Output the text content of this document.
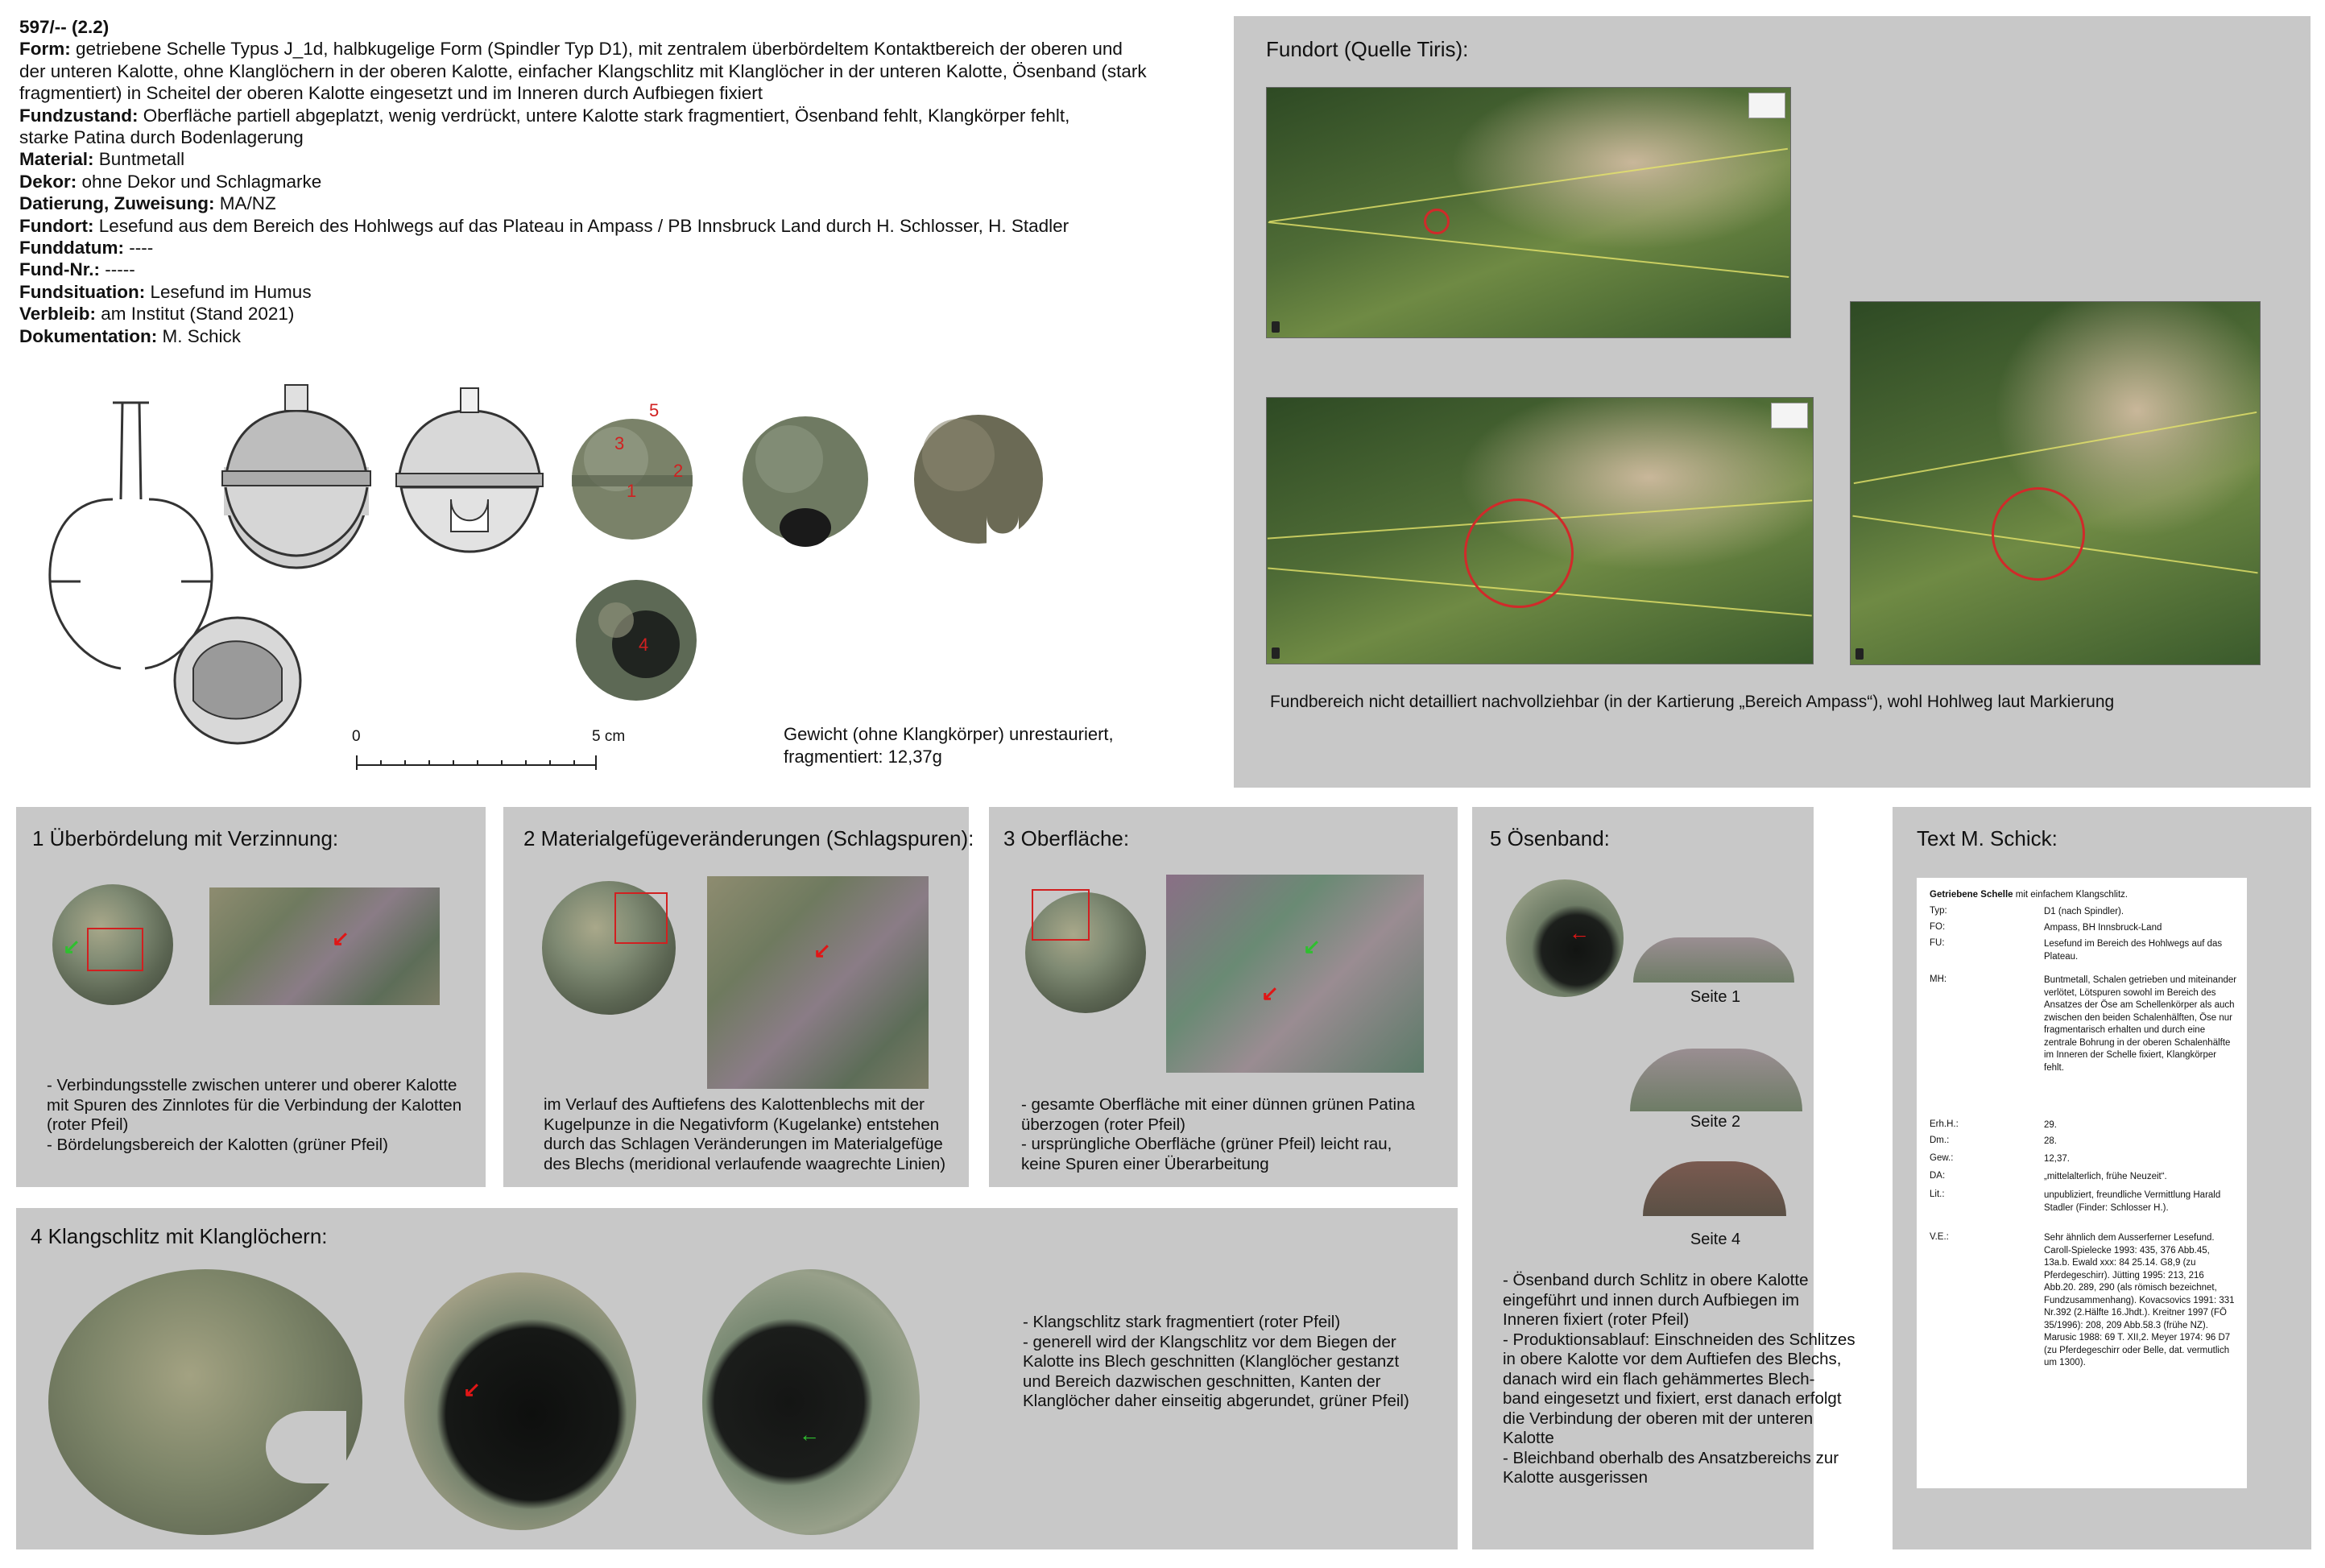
597/-- (2.2)
Form: getriebene Schelle Typus J_1d, halbkugelige Form (Spindler Typ D1), mit zentralem überbördeltem Kontaktbereich der oberen und
der unteren Kalotte, ohne Klanglöchern in der oberen Kalotte, einfacher Klangschlitz mit Klanglöcher in der unteren Kalotte, Ösenband (stark
fragmentiert) in Scheitel der oberen Kalotte eingesetzt und im Inneren durch Aufbiegen fixiert
Fundzustand: Oberfläche partiell abgeplatzt, wenig verdrückt, untere Kalotte stark fragmentiert, Ösenband fehlt, Klangkörper fehlt,
starke Patina durch Bodenlagerung
Material: Buntmetall
Dekor: ohne Dekor und Schlagmarke
Datierung, Zuweisung: MA/NZ
Fundort: Lesefund aus dem Bereich des Hohlwegs auf das Plateau in Ampass / PB Innsbruck Land durch H. Schlosser, H. Stadler
Funddatum: ----
Fund-Nr.: -----
Fundsituation: Lesefund im Humus
Verbleib: am Institut (Stand 2021)
Dokumentation: M. Schick
5
3
1
2
4
0	5 cm	Gewicht (ohne Klangkörper) unrestauriert,
fragmentiert: 12,37g
Fundort (Quelle Tiris):
Fundbereich nicht detailliert nachvollziehbar (in der Kartierung „Bereich Ampass“), wohl Hohlweg laut Markierung
1 Überbördelung mit Verzinnung:
↙
↙
- Verbindungsstelle zwischen unterer und oberer Kalotte
mit Spuren des Zinnlotes für die Verbindung der Kalotten
(roter Pfeil)
- Bördelungsbereich der Kalotten (grüner Pfeil)
2 Materialgefügeveränderungen (Schlagspuren):
↙
im Verlauf des Auftiefens des Kalottenblechs mit der
Kugelpunze in die Negativform (Kugelanke) entstehen
durch das Schlagen Veränderungen im Materialgefüge
des Blechs (meridional verlaufende waagrechte Linien)
3 Oberfläche:
↙
↙
- gesamte Oberfläche mit einer dünnen grünen Patina
überzogen (roter Pfeil)
- ursprüngliche Oberfläche (grüner Pfeil) leicht rau,
keine Spuren einer Überarbeitung
4 Klangschlitz mit Klanglöchern:
↙
←
- Klangschlitz stark fragmentiert (roter Pfeil)
- generell wird der Klangschlitz vor dem Biegen der
Kalotte ins Blech geschnitten (Klanglöcher gestanzt
und Bereich dazwischen geschnitten, Kanten der
Klanglöcher daher einseitig abgerundet, grüner Pfeil)
5 Ösenband:
←
Seite 1
Seite 2
Seite 4
- Ösenband durch Schlitz in obere Kalotte
eingeführt und innen durch Aufbiegen im
Inneren fixiert (roter Pfeil)
- Produktionsablauf: Einschneiden des Schlitzes
in obere Kalotte vor dem Auftiefen des Blechs,
danach wird ein flach gehämmertes Blech-
band eingesetzt und fixiert, erst danach erfolgt
die Verbindung der oberen mit der unteren
Kalotte
- Bleichband oberhalb des Ansatzbereichs zur
Kalotte ausgerissen
Text M. Schick:
Getriebene Schelle mit einfachem Klangschlitz.
Typ:	D1 (nach Spindler).
FO:	Ampass, BH Innsbruck-Land
FU:	Lesefund im Bereich des Hohlwegs auf das Plateau.
MH:	Buntmetall, Schalen getrieben und miteinander verlötet, Lötspuren sowohl im Bereich des Ansatzes der Öse am Schellenkörper als auch zwischen den beiden Schalenhälften, Öse nur fragmentarisch erhalten und durch eine zentrale Bohrung in der oberen Schalenhälfte im Inneren der Schelle fixiert, Klangkörper fehlt.
Erh.H.:	29.
Dm.:	28.
Gew.:	12,37.
DA:	„mittelalterlich, frühe Neuzeit“.
Lit.:	unpubliziert, freundliche Vermittlung Harald Stadler (Finder: Schlosser H.).
V.E.:	Sehr ähnlich dem Ausserferner Lesefund. Caroll-Spielecke 1993: 435, 376 Abb.45, 13a.b. Ewald xxx: 84 25.14. G8,9 (zu Pferdegeschirr). Jütting 1995: 213, 216 Abb.20. 289, 290 (als römisch bezeichnet, Fundzusammenhang). Kovacsovics 1991: 331 Nr.392 (2.Hälfte 16.Jhdt.). Kreitner 1997 (FÖ 35/1996): 208, 209 Abb.58.3 (frühe NZ). Marusic 1988: 69 T. XII,2. Meyer 1974: 96 D7 (zu Pferdegeschirr oder Belle, dat. vermutlich um 1300).
